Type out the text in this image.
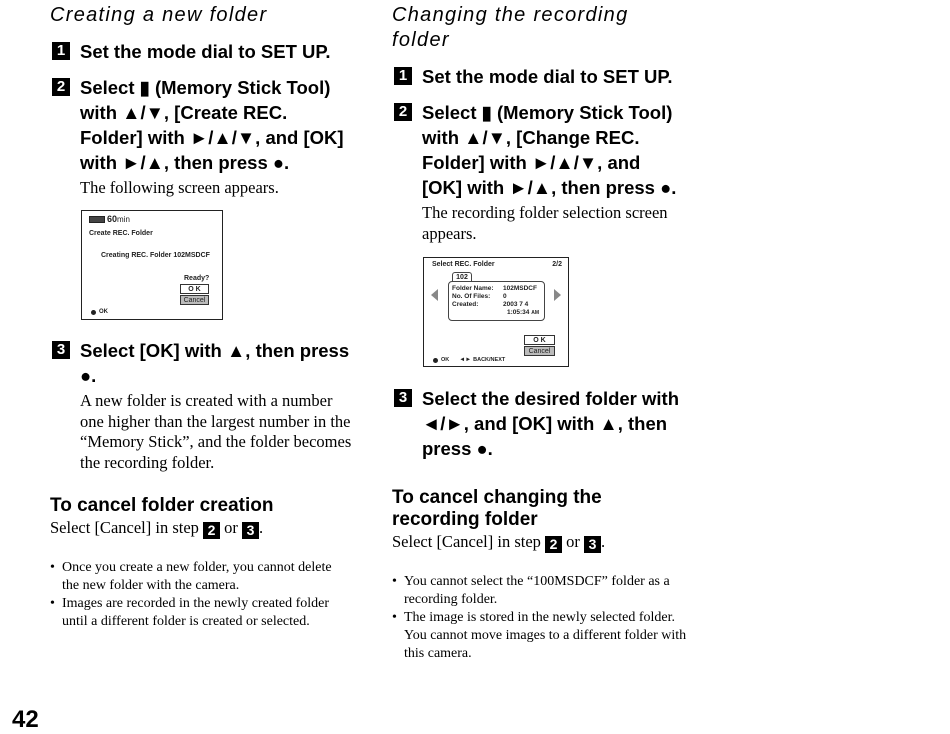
Creating a new folder
1 Set the mode dial to SET UP.
2 Select ▮ (Memory Stick Tool) with ▲/▼, [Create REC. Folder] with ►/▲/▼, and [OK] with ►/▲, then press ●.

The following screen appears.

60 min
Create REC. Folder
Creating REC. Folder 102MSDCF
Ready?
O K
Cancel
OK
3 Select [OK] with ▲, then press ●.

A new folder is created with a number one higher than the largest number in the “Memory Stick”, and the folder becomes the recording folder.

To cancel folder creation

Select [Cancel] in step 2 or 3 .

• Once you create a new folder, you cannot delete the new folder with the camera.
• Images are recorded in the newly created folder until a different folder is created or selected.
Changing the recording folder
1 Set the mode dial to SET UP.
2 Select ▮ (Memory Stick Tool) with ▲/▼, [Change REC. Folder] with ►/▲/▼, and [OK] with ►/▲, then press ●.

The recording folder selection screen appears.

Select REC. Folder	2/2
102
Folder Name:
No. Of Files:
Created:
102MSDCF
0
2003 7 4
1:05:34 AM
O K
Cancel
OK ◄► BACK/NEXT
3 Select the desired folder with ◄/►, and [OK] with ▲, then press ●.
To cancel changing the recording folder

Select [Cancel] in step 2 or 3 .

• You cannot select the “100MSDCF” folder as a recording folder.
• The image is stored in the newly selected folder. You cannot move images to a different folder with this camera.
42
